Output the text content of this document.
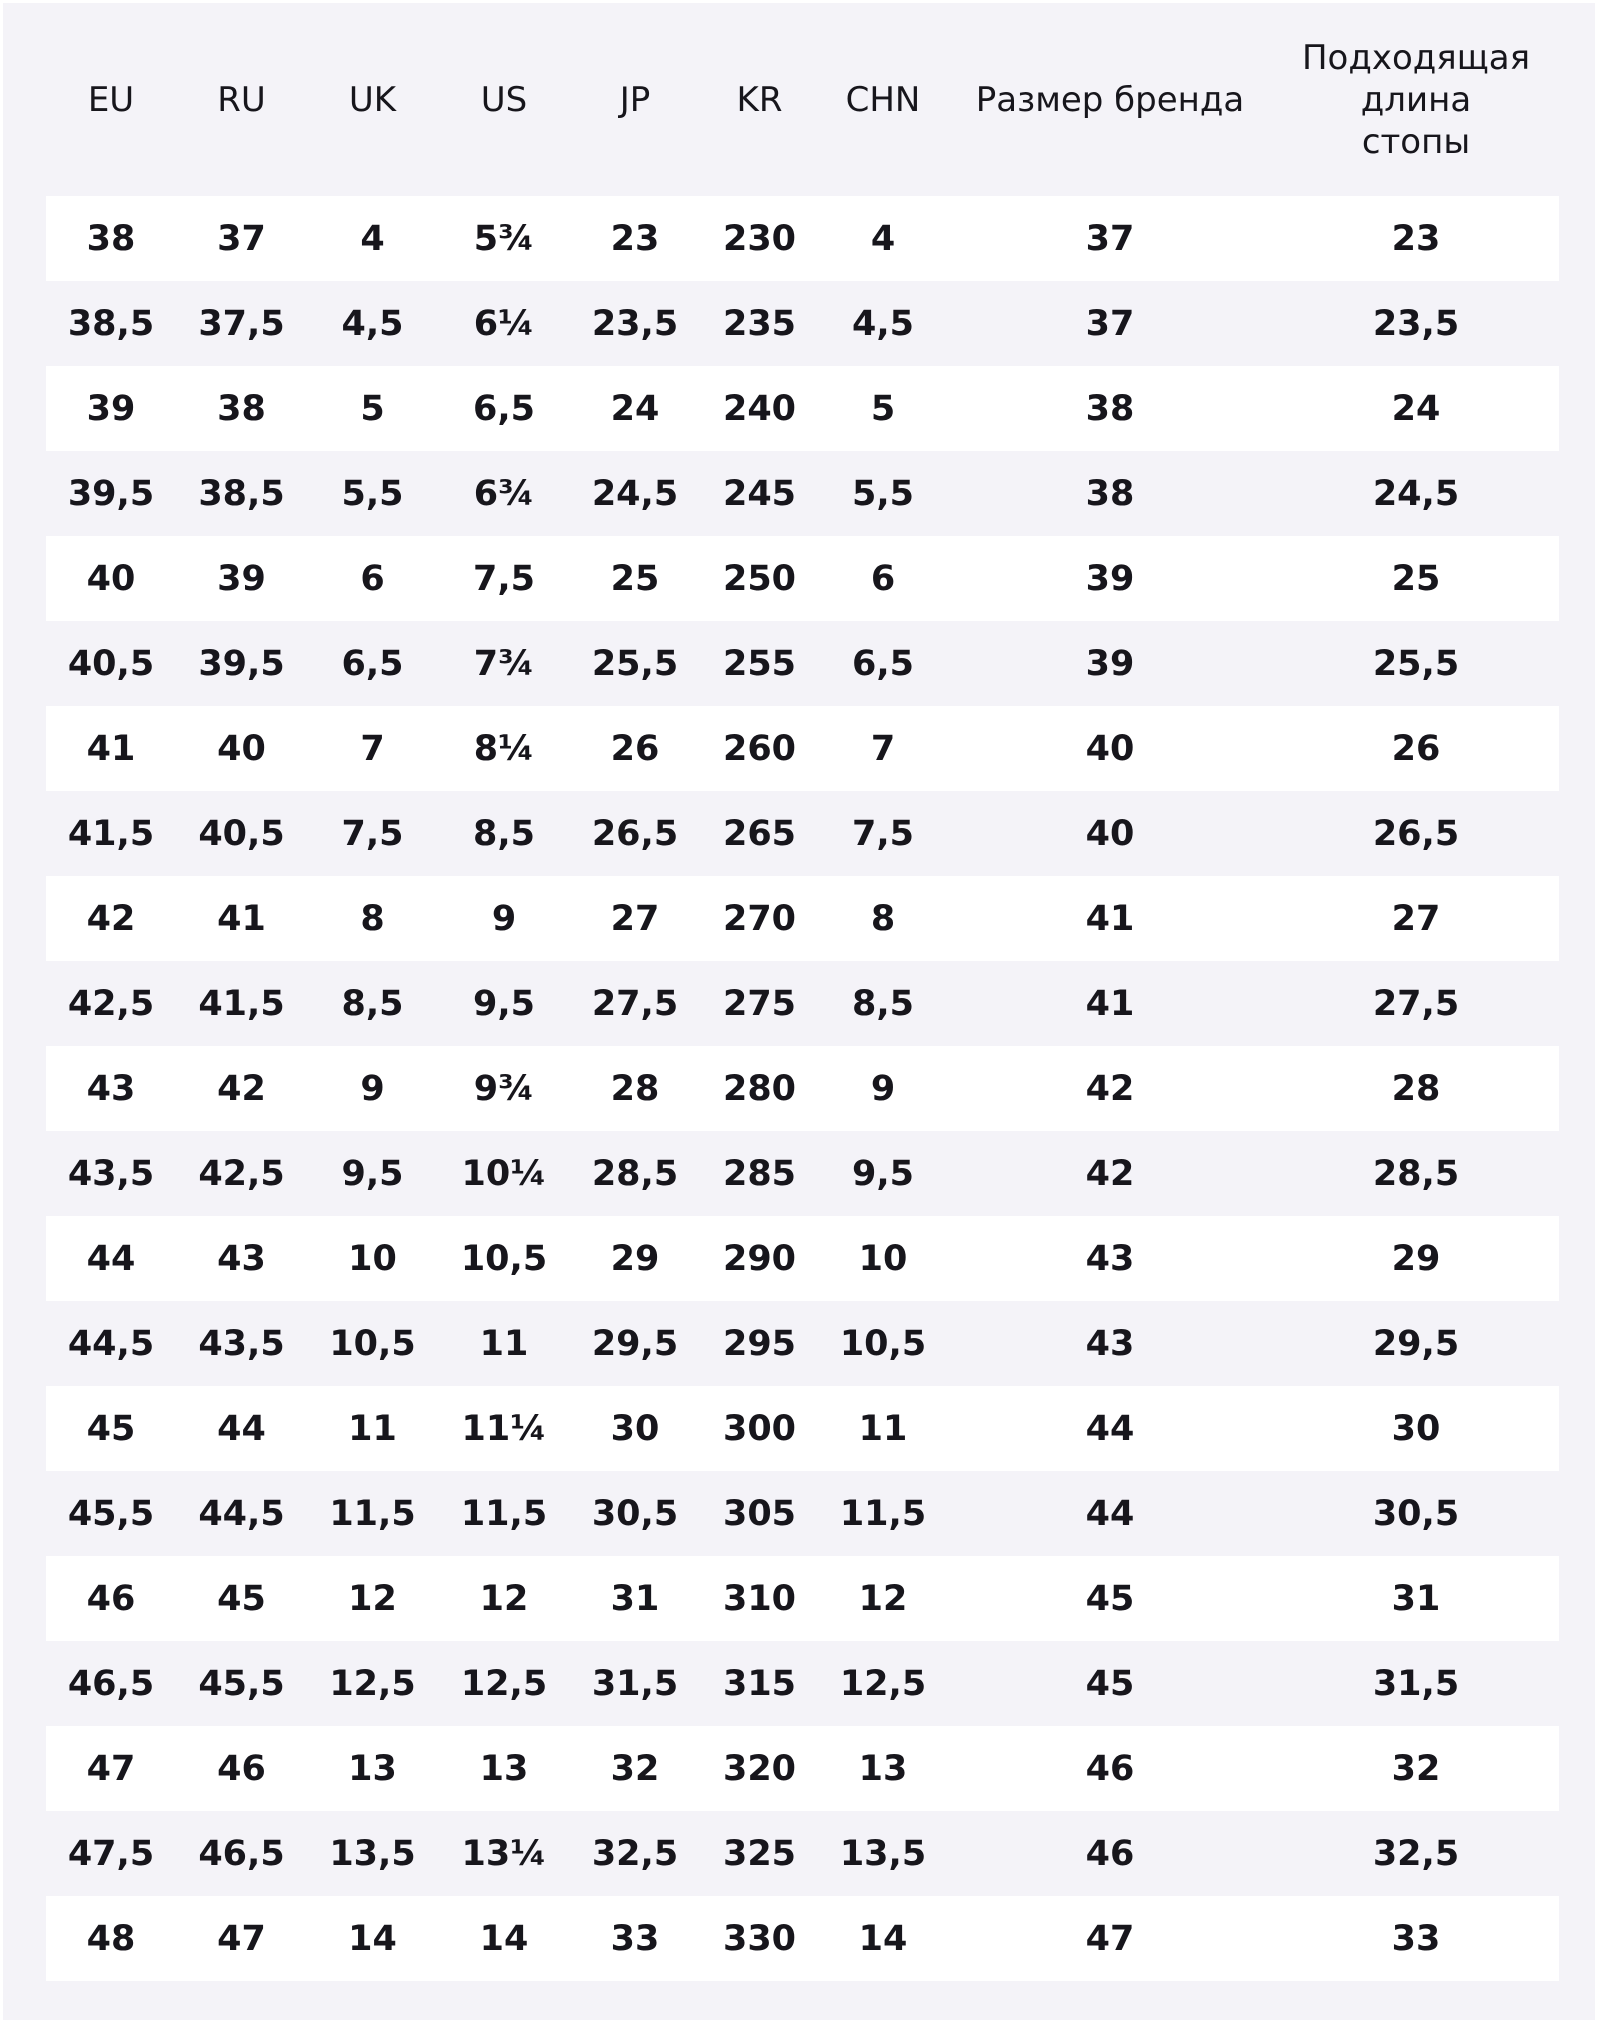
EU	RU	UK	US	JP	KR	CHN	Размер бренда	Подходящая
длина
стопы
38	37	4	5¾	23	230	4	37	23
38,5	37,5	4,5	6¼	23,5	235	4,5	37	23,5
39	38	5	6,5	24	240	5	38	24
39,5	38,5	5,5	6¾	24,5	245	5,5	38	24,5
40	39	6	7,5	25	250	6	39	25
40,5	39,5	6,5	7¾	25,5	255	6,5	39	25,5
41	40	7	8¼	26	260	7	40	26
41,5	40,5	7,5	8,5	26,5	265	7,5	40	26,5
42	41	8	9	27	270	8	41	27
42,5	41,5	8,5	9,5	27,5	275	8,5	41	27,5
43	42	9	9¾	28	280	9	42	28
43,5	42,5	9,5	10¼	28,5	285	9,5	42	28,5
44	43	10	10,5	29	290	10	43	29
44,5	43,5	10,5	11	29,5	295	10,5	43	29,5
45	44	11	11¼	30	300	11	44	30
45,5	44,5	11,5	11,5	30,5	305	11,5	44	30,5
46	45	12	12	31	310	12	45	31
46,5	45,5	12,5	12,5	31,5	315	12,5	45	31,5
47	46	13	13	32	320	13	46	32
47,5	46,5	13,5	13¼	32,5	325	13,5	46	32,5
48	47	14	14	33	330	14	47	33
